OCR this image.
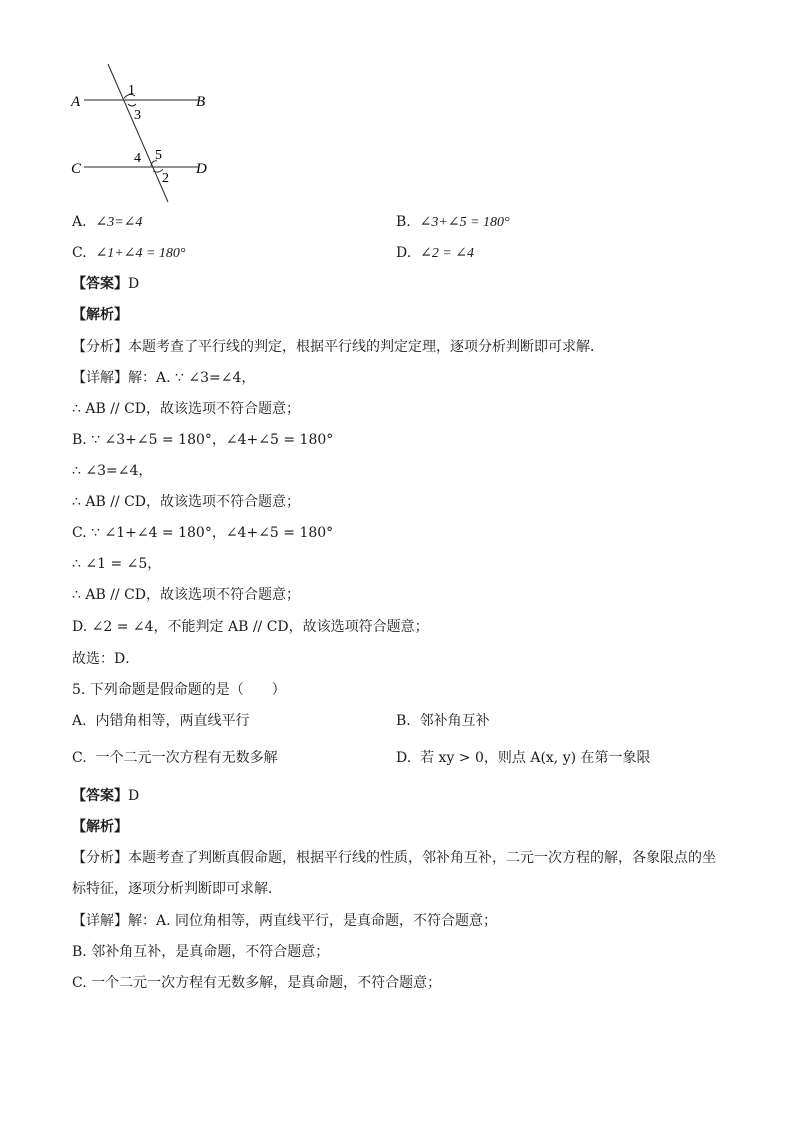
A	B
C	D
1
3
4 5
2
A. ∠3=∠4	B. ∠3+∠5 = 180°
C. ∠1+∠4 = 180°	D. ∠2 = ∠4
【答案】D
【解析】
【分析】本题考查了平行线的判定，根据平行线的判定定理，逐项分析判断即可求解．
【详解】解：A. ∵ ∠3=∠4，
∴ AB // CD，故该选项不符合题意；
B. ∵ ∠3+∠5 = 180°，∠4+∠5 = 180°
∴ ∠3=∠4，
∴ AB // CD，故该选项不符合题意；
C. ∵ ∠1+∠4 = 180°，∠4+∠5 = 180°
∴ ∠1 = ∠5，
∴ AB // CD，故该选项不符合题意；
D. ∠2 = ∠4，不能判定 AB // CD，故该选项符合题意；
故选：D．
5. 下列命题是假命题的是（　　）
A. 内错角相等，两直线平行	B. 邻补角互补
C. 一个二元一次方程有无数多解	D. 若 xy > 0，则点 A(x, y) 在第一象限
【答案】D
【解析】
【分析】本题考查了判断真假命题，根据平行线的性质，邻补角互补，二元一次方程的解，各象限点的坐
标特征，逐项分析判断即可求解．
【详解】解：A. 同位角相等，两直线平行，是真命题，不符合题意；
B. 邻补角互补，是真命题，不符合题意；
C. 一个二元一次方程有无数多解，是真命题，不符合题意；
